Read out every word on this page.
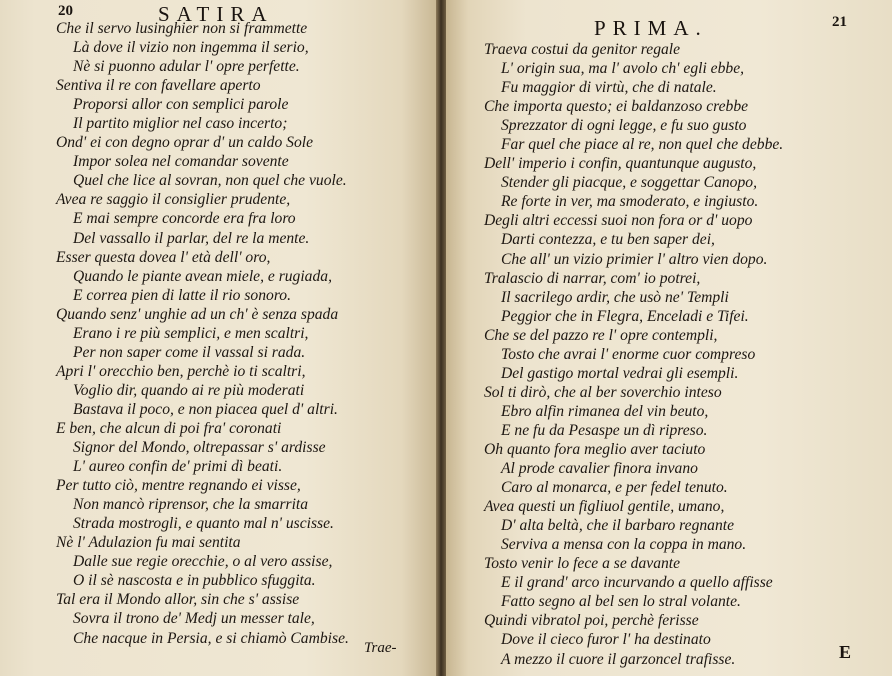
20	SATIRA
Che il servo lusinghier non si frammette
Là dove il vizio non ingemma il serio,
Nè si puonno adular l' opre perfette.
Sentiva il re con favellare aperto
Proporsi allor con semplici parole
Il partito miglior nel caso incerto;
Ond' ei con degno oprar d' un caldo Sole
Impor solea nel comandar sovente
Quel che lice al sovran, non quel che vuole.
Avea re saggio il consiglier prudente,
E mai sempre concorde era fra loro
Del vassallo il parlar, del re la mente.
Esser questa dovea l' età dell' oro,
Quando le piante avean miele, e rugiada,
E correa pien di latte il rio sonoro.
Quando senz' unghie ad un ch' è senza spada
Erano i re più semplici, e men scaltri,
Per non saper come il vassal si rada.
Apri l' orecchio ben, perchè io ti scaltri,
Voglio dir, quando ai re più moderati
Bastava il poco, e non piacea quel d' altri.
E ben, che alcun di poi fra' coronati
Signor del Mondo, oltrepassar s' ardisse
L' aureo confin de' primi dì beati.
Per tutto ciò, mentre regnando ei visse,
Non mancò riprensor, che la smarrita
Strada mostrogli, e quanto mal n' uscisse.
Nè l' Adulazion fu mai sentita
Dalle sue regie orecchie, o al vero assise,
O il sè nascosta e in pubblico sfuggita.
Tal era il Mondo allor, sin che s' assise
Sovra il trono de' Medj un messer tale,
Che nacque in Persia, e si chiamò Cambise.
Trae-
PRIMA.	21
Traeva costui da genitor regale
L' origin sua, ma l' avolo ch' egli ebbe,
Fu maggior di virtù, che di natale.
Che importa questo; ei baldanzoso crebbe
Sprezzator di ogni legge, e fu suo gusto
Far quel che piace al re, non quel che debbe.
Dell' imperio i confin, quantunque augusto,
Stender gli piacque, e soggettar Canopo,
Re forte in ver, ma smoderato, e ingiusto.
Degli altri eccessi suoi non fora or d' uopo
Darti contezza, e tu ben saper dei,
Che all' un vizio primier l' altro vien dopo.
Tralascio di narrar, com' io potrei,
Il sacrilego ardir, che usò ne' Templi
Peggior che in Flegra, Enceladi e Tifei.
Che se del pazzo re l' opre contempli,
Tosto che avrai l' enorme cuor compreso
Del gastigo mortal vedrai gli esempli.
Sol ti dirò, che al ber soverchio inteso
Ebro alfin rimanea del vin beuto,
E ne fu da Pesaspe un dì ripreso.
Oh quanto fora meglio aver taciuto
Al prode cavalier finora invano
Caro al monarca, e per fedel tenuto.
Avea questi un figliuol gentile, umano,
D' alta beltà, che il barbaro regnante
Serviva a mensa con la coppa in mano.
Tosto venir lo fece a se davante
E il grand' arco incurvando a quello affisse
Fatto segno al bel sen lo stral volante.
Quindi vibratol poi, perchè ferisse
Dove il cieco furor l' ha destinato
A mezzo il cuore il garzoncel trafisse.	E
